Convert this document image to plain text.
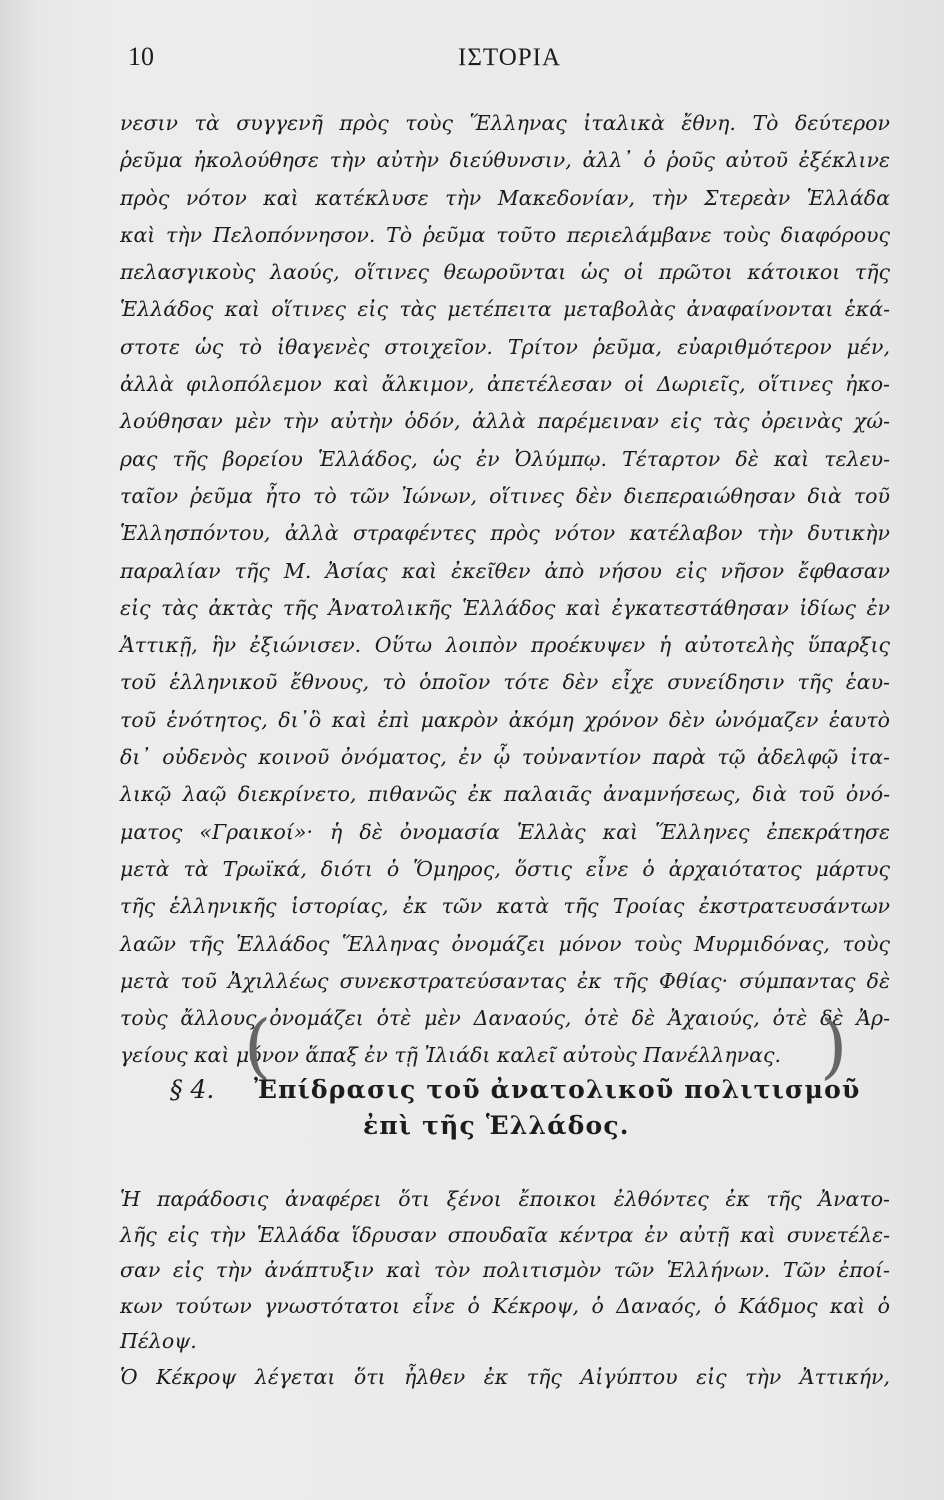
10	ΙΣΤΟΡΙΑ
νεσιν τὰ συγγενῆ πρὸς τοὺς Ἕλληνας ἰταλικὰ ἔθνη. Τὸ δεύτερον
ῥεῦμα ἠκολούθησε τὴν αὐτὴν διεύθυνσιν, ἀλλ᾽ ὁ ῥοῦς αὐτοῦ ἐξέκλινε
πρὸς νότον καὶ κατέκλυσε τὴν Μακεδονίαν, τὴν Στερεὰν Ἑλλάδα
καὶ τὴν Πελοπόννησον. Τὸ ῥεῦμα τοῦτο περιελάμβανε τοὺς διαφόρους
πελασγικοὺς λαούς, οἵτινες θεωροῦνται ὡς οἱ πρῶτοι κάτοικοι τῆς
Ἑλλάδος καὶ οἵτινες εἰς τὰς μετέπειτα μεταβολὰς ἀναφαίνονται ἑκά-
στοτε ὡς τὸ ἰθαγενὲς στοιχεῖον. Τρίτον ῥεῦμα, εὐαριθμότερον μέν,
ἀλλὰ φιλοπόλεμον καὶ ἄλκιμον, ἀπετέλεσαν οἱ Δωριεῖς, οἵτινες ἠκο-
λούθησαν μὲν τὴν αὐτὴν ὁδόν, ἀλλὰ παρέμειναν εἰς τὰς ὀρεινὰς χώ-
ρας τῆς βορείου Ἑλλάδος, ὡς ἐν Ὀλύμπῳ. Τέταρτον δὲ καὶ τελευ-
ταῖον ῥεῦμα ἦτο τὸ τῶν Ἰώνων, οἵτινες δὲν διεπεραιώθησαν διὰ τοῦ
Ἑλλησπόντου, ἀλλὰ στραφέντες πρὸς νότον κατέλαβον τὴν δυτικὴν
παραλίαν τῆς Μ. Ἀσίας καὶ ἐκεῖθεν ἀπὸ νήσου εἰς νῆσον ἔφθασαν
εἰς τὰς ἀκτὰς τῆς Ἀνατολικῆς Ἑλλάδος καὶ ἐγκατεστάθησαν ἰδίως ἐν
Ἀττικῇ, ἣν ἐξιώνισεν. Οὕτω λοιπὸν προέκυψεν ἡ αὐτοτελὴς ὕπαρξις
τοῦ ἑλληνικοῦ ἔθνους, τὸ ὁποῖον τότε δὲν εἶχε συνείδησιν τῆς ἑαυ-
τοῦ ἑνότητος, δι᾽ὃ καὶ ἐπὶ μακρὸν ἀκόμη χρόνον δὲν ὠνόμαζεν ἑαυτὸ
δι᾽ οὐδενὸς κοινοῦ ὀνόματος, ἐν ᾧ τοὐναντίον παρὰ τῷ ἀδελφῷ ἰτα-
λικῷ λαῷ διεκρίνετο, πιθανῶς ἐκ παλαιᾶς ἀναμνήσεως, διὰ τοῦ ὀνό-
ματος «Γραικοί»· ἡ δὲ ὀνομασία Ἑλλὰς καὶ Ἕλληνες ἐπεκράτησε
μετὰ τὰ Τρωϊκά, διότι ὁ Ὅμηρος, ὅστις εἶνε ὁ ἀρχαιότατος μάρτυς
τῆς ἑλληνικῆς ἱστορίας, ἐκ τῶν κατὰ τῆς Τροίας ἐκστρατευσάντων
λαῶν τῆς Ἑλλάδος Ἕλληνας ὀνομάζει μόνον τοὺς Μυρμιδόνας, τοὺς
μετὰ τοῦ Ἀχιλλέως συνεκστρατεύσαντας ἐκ τῆς Φθίας· σύμπαντας δὲ
τοὺς ἄλλους ὀνομάζει ὁτὲ μὲν Δαναούς, ὁτὲ δὲ Ἀχαιούς, ὁτὲ δὲ Ἀρ-
γείους καὶ μόνον ἅπαξ ἐν τῇ Ἰλιάδι καλεῖ αὐτοὺς Πανέλληνας.
§ 4.
(
Ἐπίδρασις τοῦ ἀνατολικοῦ πολιτισμοῦ
ἐπὶ τῆς Ἑλλάδος.
)
Ἡ παράδοσις ἀναφέρει ὅτι ξένοι ἔποικοι ἐλθόντες ἐκ τῆς Ἀνατο-
λῆς εἰς τὴν Ἑλλάδα ἵδρυσαν σπουδαῖα κέντρα ἐν αὐτῇ καὶ συνετέλε-
σαν εἰς τὴν ἀνάπτυξιν καὶ τὸν πολιτισμὸν τῶν Ἑλλήνων. Τῶν ἐποί-
κων τούτων γνωστότατοι εἶνε ὁ Κέκροψ, ὁ Δαναός, ὁ Κάδμος καὶ ὁ
Πέλοψ.
Ὁ Κέκροψ λέγεται ὅτι ἦλθεν ἐκ τῆς Αἰγύπτου εἰς τὴν Ἀττικήν,
